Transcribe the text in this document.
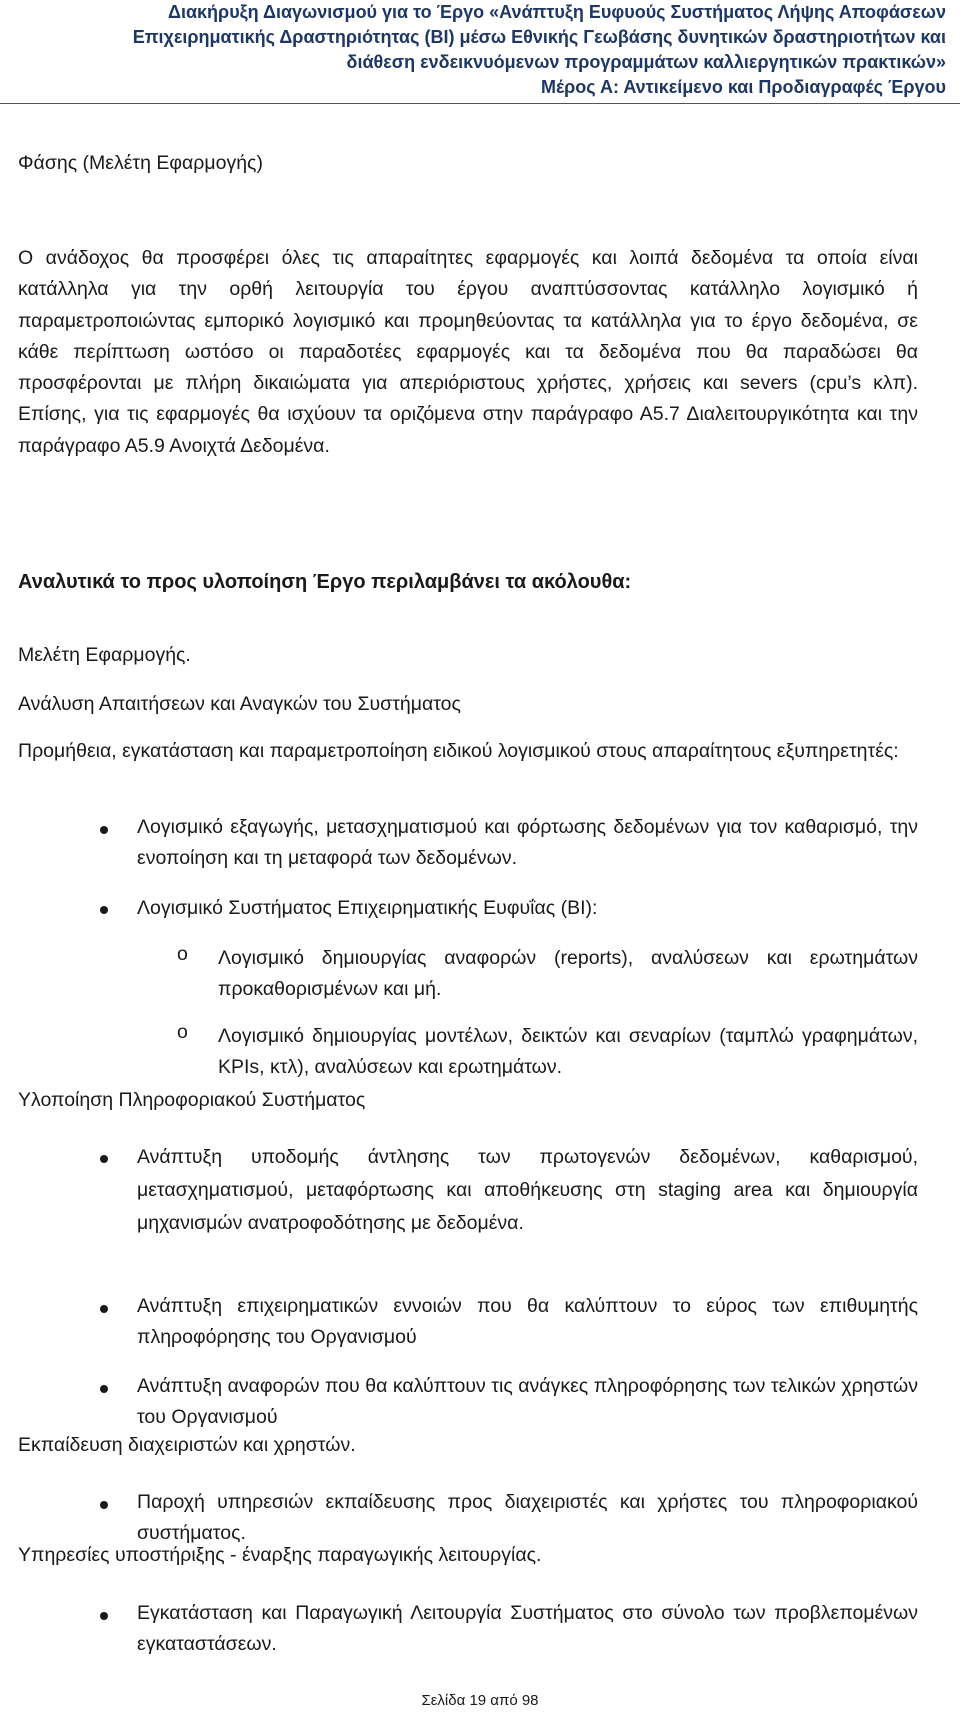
Διακήρυξη Διαγωνισμού για το Έργο «Ανάπτυξη Ευφυούς Συστήματος Λήψης Αποφάσεων
Επιχειρηματικής Δραστηριότητας (BI) μέσω Εθνικής Γεωβάσης δυνητικών δραστηριοτήτων και
διάθεση ενδεικνυόμενων προγραμμάτων καλλιεργητικών πρακτικών»
Μέρος Α: Αντικείμενο και Προδιαγραφές Έργου
Φάσης (Μελέτη Εφαρμογής)
Ο ανάδοχος θα προσφέρει όλες τις απαραίτητες εφαρμογές και λοιπά δεδομένα τα οποία είναι κατάλληλα για την ορθή λειτουργία του έργου αναπτύσσοντας κατάλληλο λογισμικό ή παραμετροποιώντας εμπορικό λογισμικό και προμηθεύοντας τα κατάλληλα για το έργο δεδομένα, σε κάθε περίπτωση ωστόσο οι παραδοτέες εφαρμογές και τα δεδομένα που θα παραδώσει θα προσφέρονται με πλήρη δικαιώματα για απεριόριστους χρήστες, χρήσεις και severs (cpu’s κλπ). Επίσης, για τις εφαρμογές θα ισχύουν τα οριζόμενα στην παράγραφο Α5.7 Διαλειτουργικότητα και την παράγραφο Α5.9 Ανοιχτά Δεδομένα.
Αναλυτικά το προς υλοποίηση Έργο περιλαμβάνει τα ακόλουθα:
Μελέτη Εφαρμογής.
Ανάλυση Απαιτήσεων και Αναγκών του Συστήματος
Προμήθεια, εγκατάσταση και παραμετροποίηση ειδικού λογισμικού στους απαραίτητους εξυπηρετητές:
Λογισμικό εξαγωγής, μετασχηματισμού και φόρτωσης δεδομένων για τον καθαρισμό, την ενοποίηση και τη μεταφορά των δεδομένων.
Λογισμικό Συστήματος Επιχειρηματικής Ευφυΐας (BI):
o Λογισμικό δημιουργίας αναφορών (reports), αναλύσεων και ερωτημάτων προκαθορισμένων και μή.
o Λογισμικό δημιουργίας μοντέλων, δεικτών και σεναρίων (ταμπλώ γραφημάτων, KPIs, κτλ), αναλύσεων και ερωτημάτων.
Υλοποίηση Πληροφοριακού Συστήματος
Ανάπτυξη υποδομής άντλησης των πρωτογενών δεδομένων, καθαρισμού, μετασχηματισμού, μεταφόρτωσης και αποθήκευσης στη staging area και δημιουργία μηχανισμών ανατροφοδότησης με δεδομένα.
Ανάπτυξη επιχειρηματικών εννοιών που θα καλύπτουν το εύρος των επιθυμητής πληροφόρησης του Οργανισμού
Ανάπτυξη αναφορών που θα καλύπτουν τις ανάγκες πληροφόρησης των τελικών χρηστών του Οργανισμού
Εκπαίδευση διαχειριστών και χρηστών.
Παροχή υπηρεσιών εκπαίδευσης προς διαχειριστές και χρήστες του πληροφοριακού συστήματος.
Υπηρεσίες υποστήριξης - έναρξης παραγωγικής λειτουργίας.
Εγκατάσταση και Παραγωγική Λειτουργία Συστήματος στο σύνολο των προβλεπομένων εγκαταστάσεων.
Σελίδα 19 από 98
